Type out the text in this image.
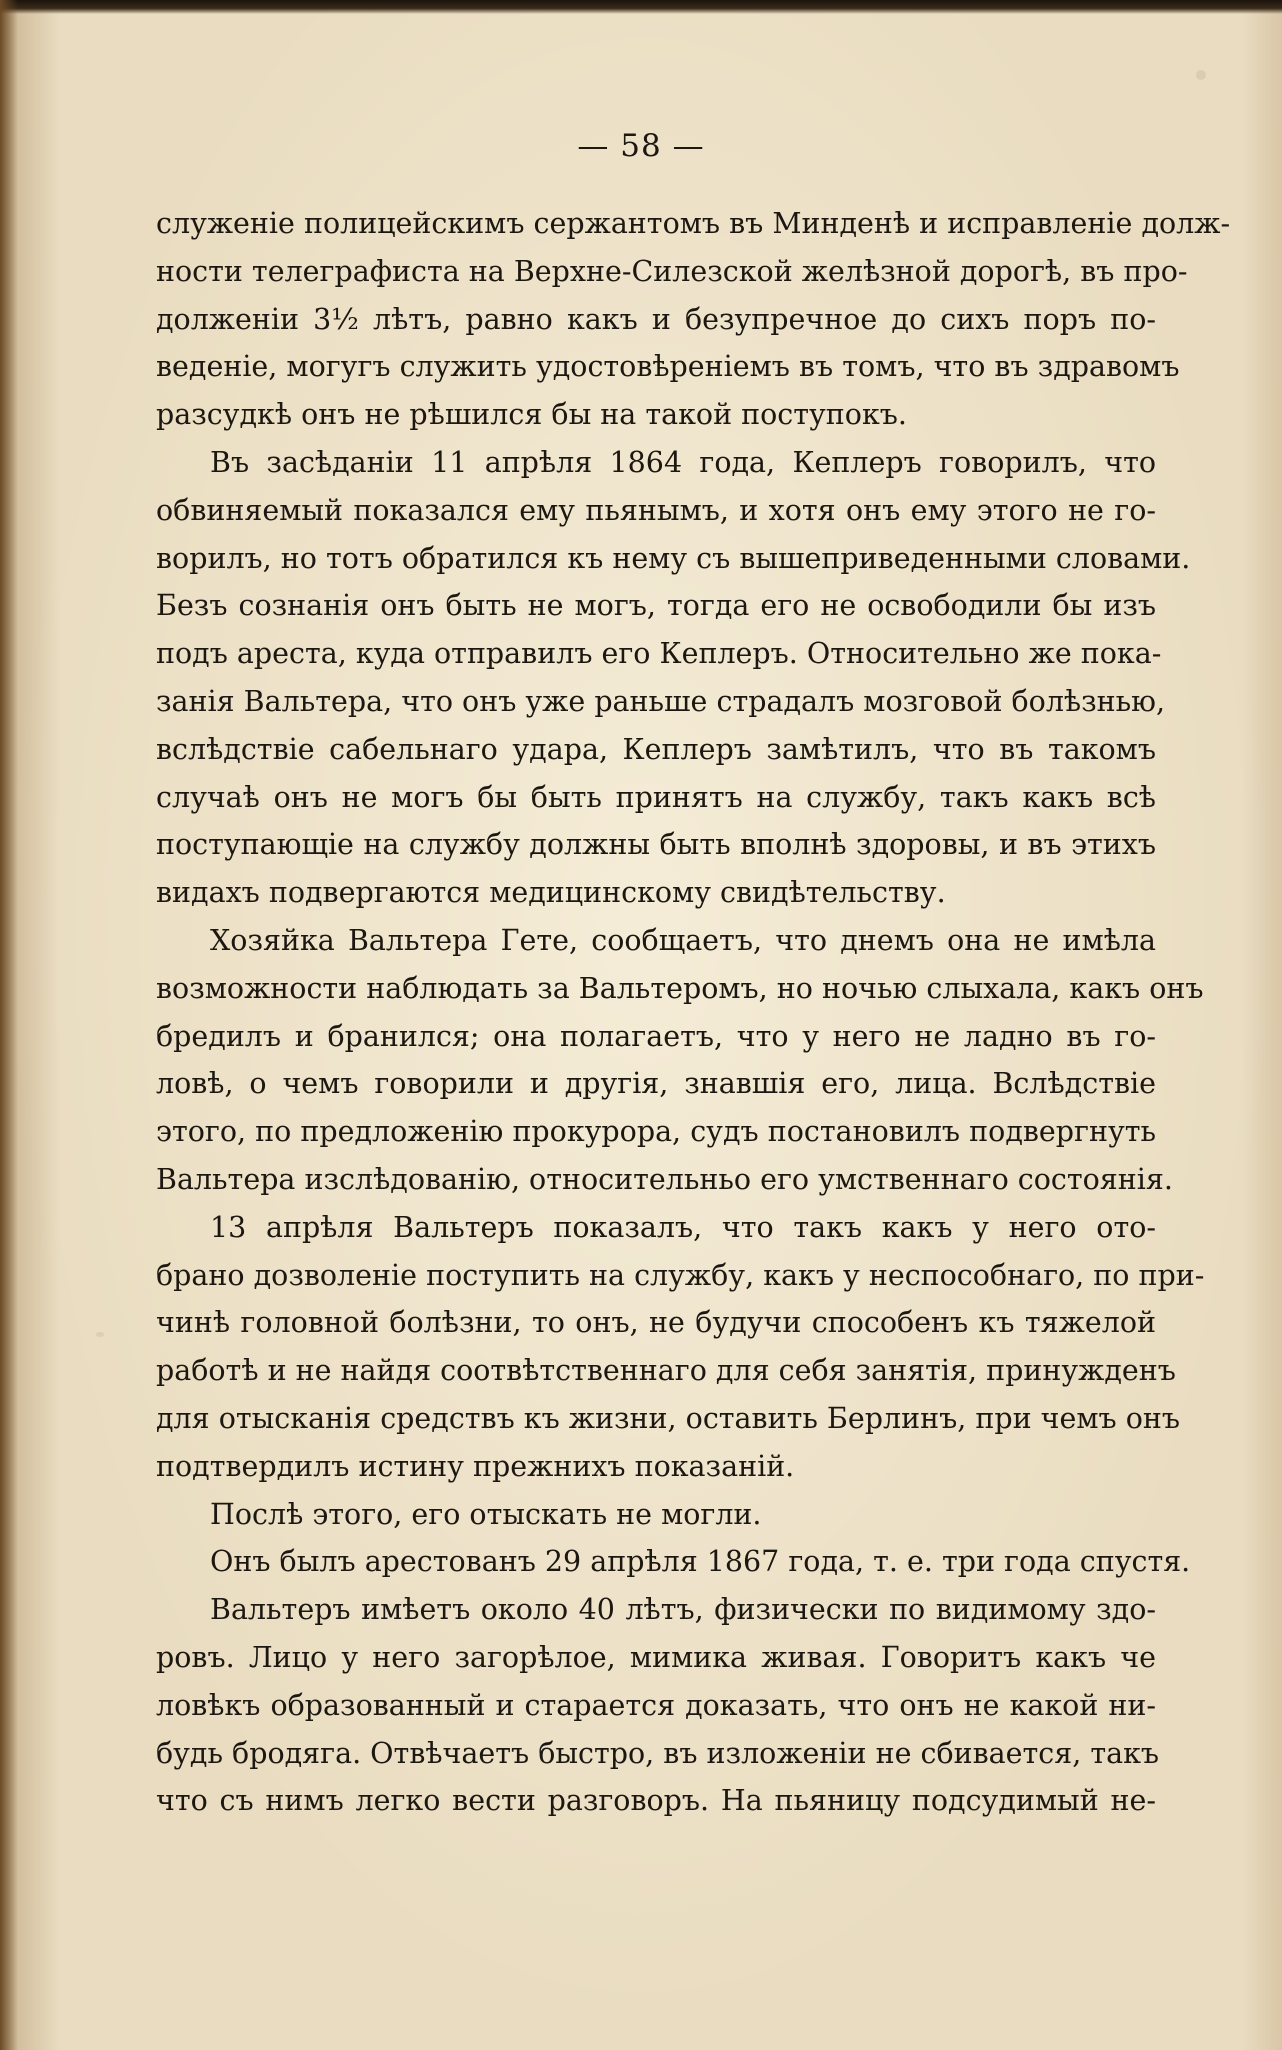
— 58 —
служеніе полицейскимъ сержантомъ въ Минденѣ и исправленіе долж-
ности телеграфиста на Верхне-Силезской желѣзной дорогѣ, въ про-
долженіи 3½ лѣтъ, равно какъ и безупречное до сихъ поръ по-
веденіе, могугъ служить удостовѣреніемъ въ томъ, что въ здравомъ
разсудкѣ онъ не рѣшился бы на такой поступокъ.
Въ засѣданіи 11 апрѣля 1864 года, Кеплеръ говорилъ, что
обвиняемый показался ему пьянымъ, и хотя онъ ему этого не го-
ворилъ, но тотъ обратился къ нему съ вышеприведенными словами.
Безъ сознанія онъ быть не могъ, тогда его не освободили бы изъ
подъ ареста, куда отправилъ его Кеплеръ. Относительно же пока-
занія Вальтера, что онъ уже раньше страдалъ мозговой болѣзнью,
вслѣдствіе сабельнаго удара, Кеплеръ замѣтилъ, что въ такомъ
случаѣ онъ не могъ бы быть принятъ на службу, такъ какъ всѣ
поступающіе на службу должны быть вполнѣ здоровы, и въ этихъ
видахъ подвергаются медицинскому свидѣтельству.
Хозяйка Вальтера Гете, сообщаетъ, что днемъ она не имѣла
возможности наблюдать за Вальтеромъ, но ночью слыхала, какъ онъ
бредилъ и бранился; она полагаетъ, что у него не ладно въ го-
ловѣ, о чемъ говорили и другія, знавшія его, лица. Вслѣдствіе
этого, по предложенію прокурора, судъ постановилъ подвергнуть
Вальтера изслѣдованію, относительньо его умственнаго состоянія.
13 апрѣля Вальтеръ показалъ, что такъ какъ у него ото-
брано дозволеніе поступить на службу, какъ у неспособнаго, по при-
чинѣ головной болѣзни, то онъ, не будучи способенъ къ тяжелой
работѣ и не найдя соотвѣтственнаго для себя занятія, принужденъ
для отысканія средствъ къ жизни, оставить Берлинъ, при чемъ онъ
подтвердилъ истину прежнихъ показаній.
Послѣ этого, его отыскать не могли.
Онъ былъ арестованъ 29 апрѣля 1867 года, т. е. три года спустя.
Вальтеръ имѣетъ около 40 лѣтъ, физически по видимому здо-
ровъ. Лицо у него загорѣлое, мимика живая. Говоритъ какъ че
ловѣкъ образованный и старается доказать, что онъ не какой ни-
будь бродяга. Отвѣчаетъ быстро, въ изложеніи не сбивается, такъ
что съ нимъ легко вести разговоръ. На пьяницу подсудимый не-
